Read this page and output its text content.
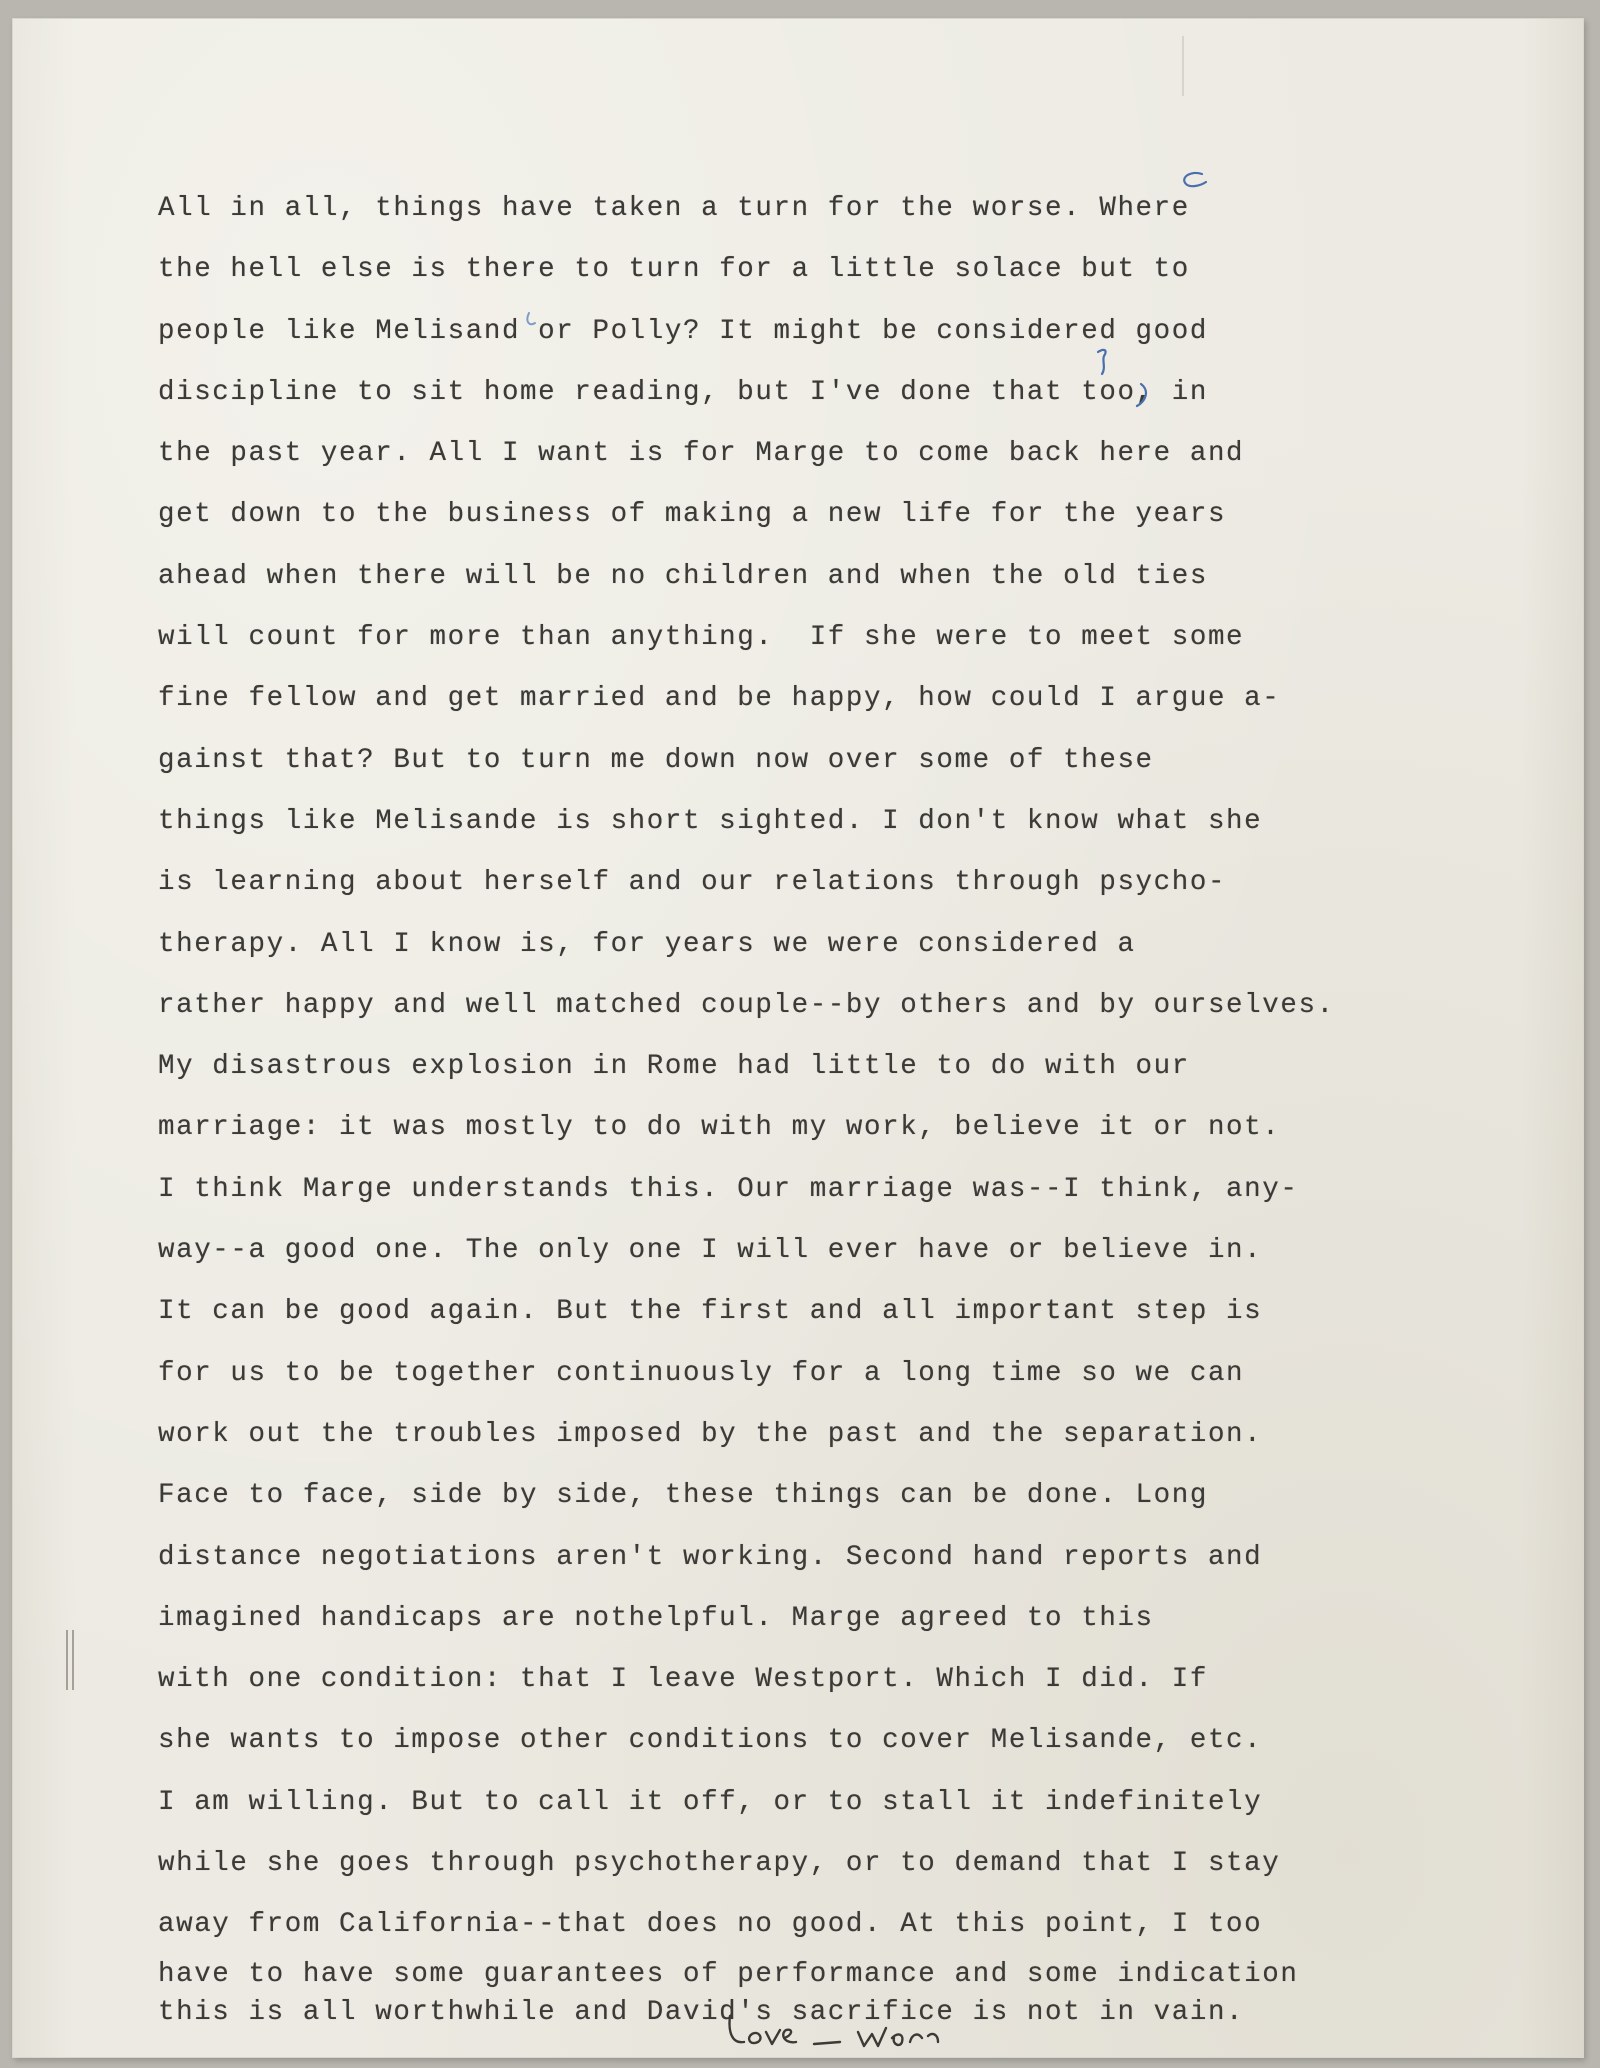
All in all, things have taken a turn for the worse. Where
the hell else is there to turn for a little solace but to
people like Melisand or Polly? It might be considered good
discipline to sit home reading, but I've done that too, in
the past year. All I want is for Marge to come back here and
get down to the business of making a new life for the years
ahead when there will be no children and when the old ties
will count for more than anything.  If she were to meet some
fine fellow and get married and be happy, how could I argue a-
gainst that? But to turn me down now over some of these
things like Melisande is short sighted. I don't know what she
is learning about herself and our relations through psycho-
therapy. All I know is, for years we were considered a
rather happy and well matched couple--by others and by ourselves.
My disastrous explosion in Rome had little to do with our
marriage: it was mostly to do with my work, believe it or not.
I think Marge understands this. Our marriage was--I think, any-
way--a good one. The only one I will ever have or believe in.
It can be good again. But the first and all important step is
for us to be together continuously for a long time so we can
work out the troubles imposed by the past and the separation.
Face to face, side by side, these things can be done. Long
distance negotiations aren't working. Second hand reports and
imagined handicaps are nothelpful. Marge agreed to this
with one condition: that I leave Westport. Which I did. If
she wants to impose other conditions to cover Melisande, etc.
I am willing. But to call it off, or to stall it indefinitely
while she goes through psychotherapy, or to demand that I stay
away from California--that does no good. At this point, I too
have to have some guarantees of performance and some indication
this is all worthwhile and David's sacrifice is not in vain.
